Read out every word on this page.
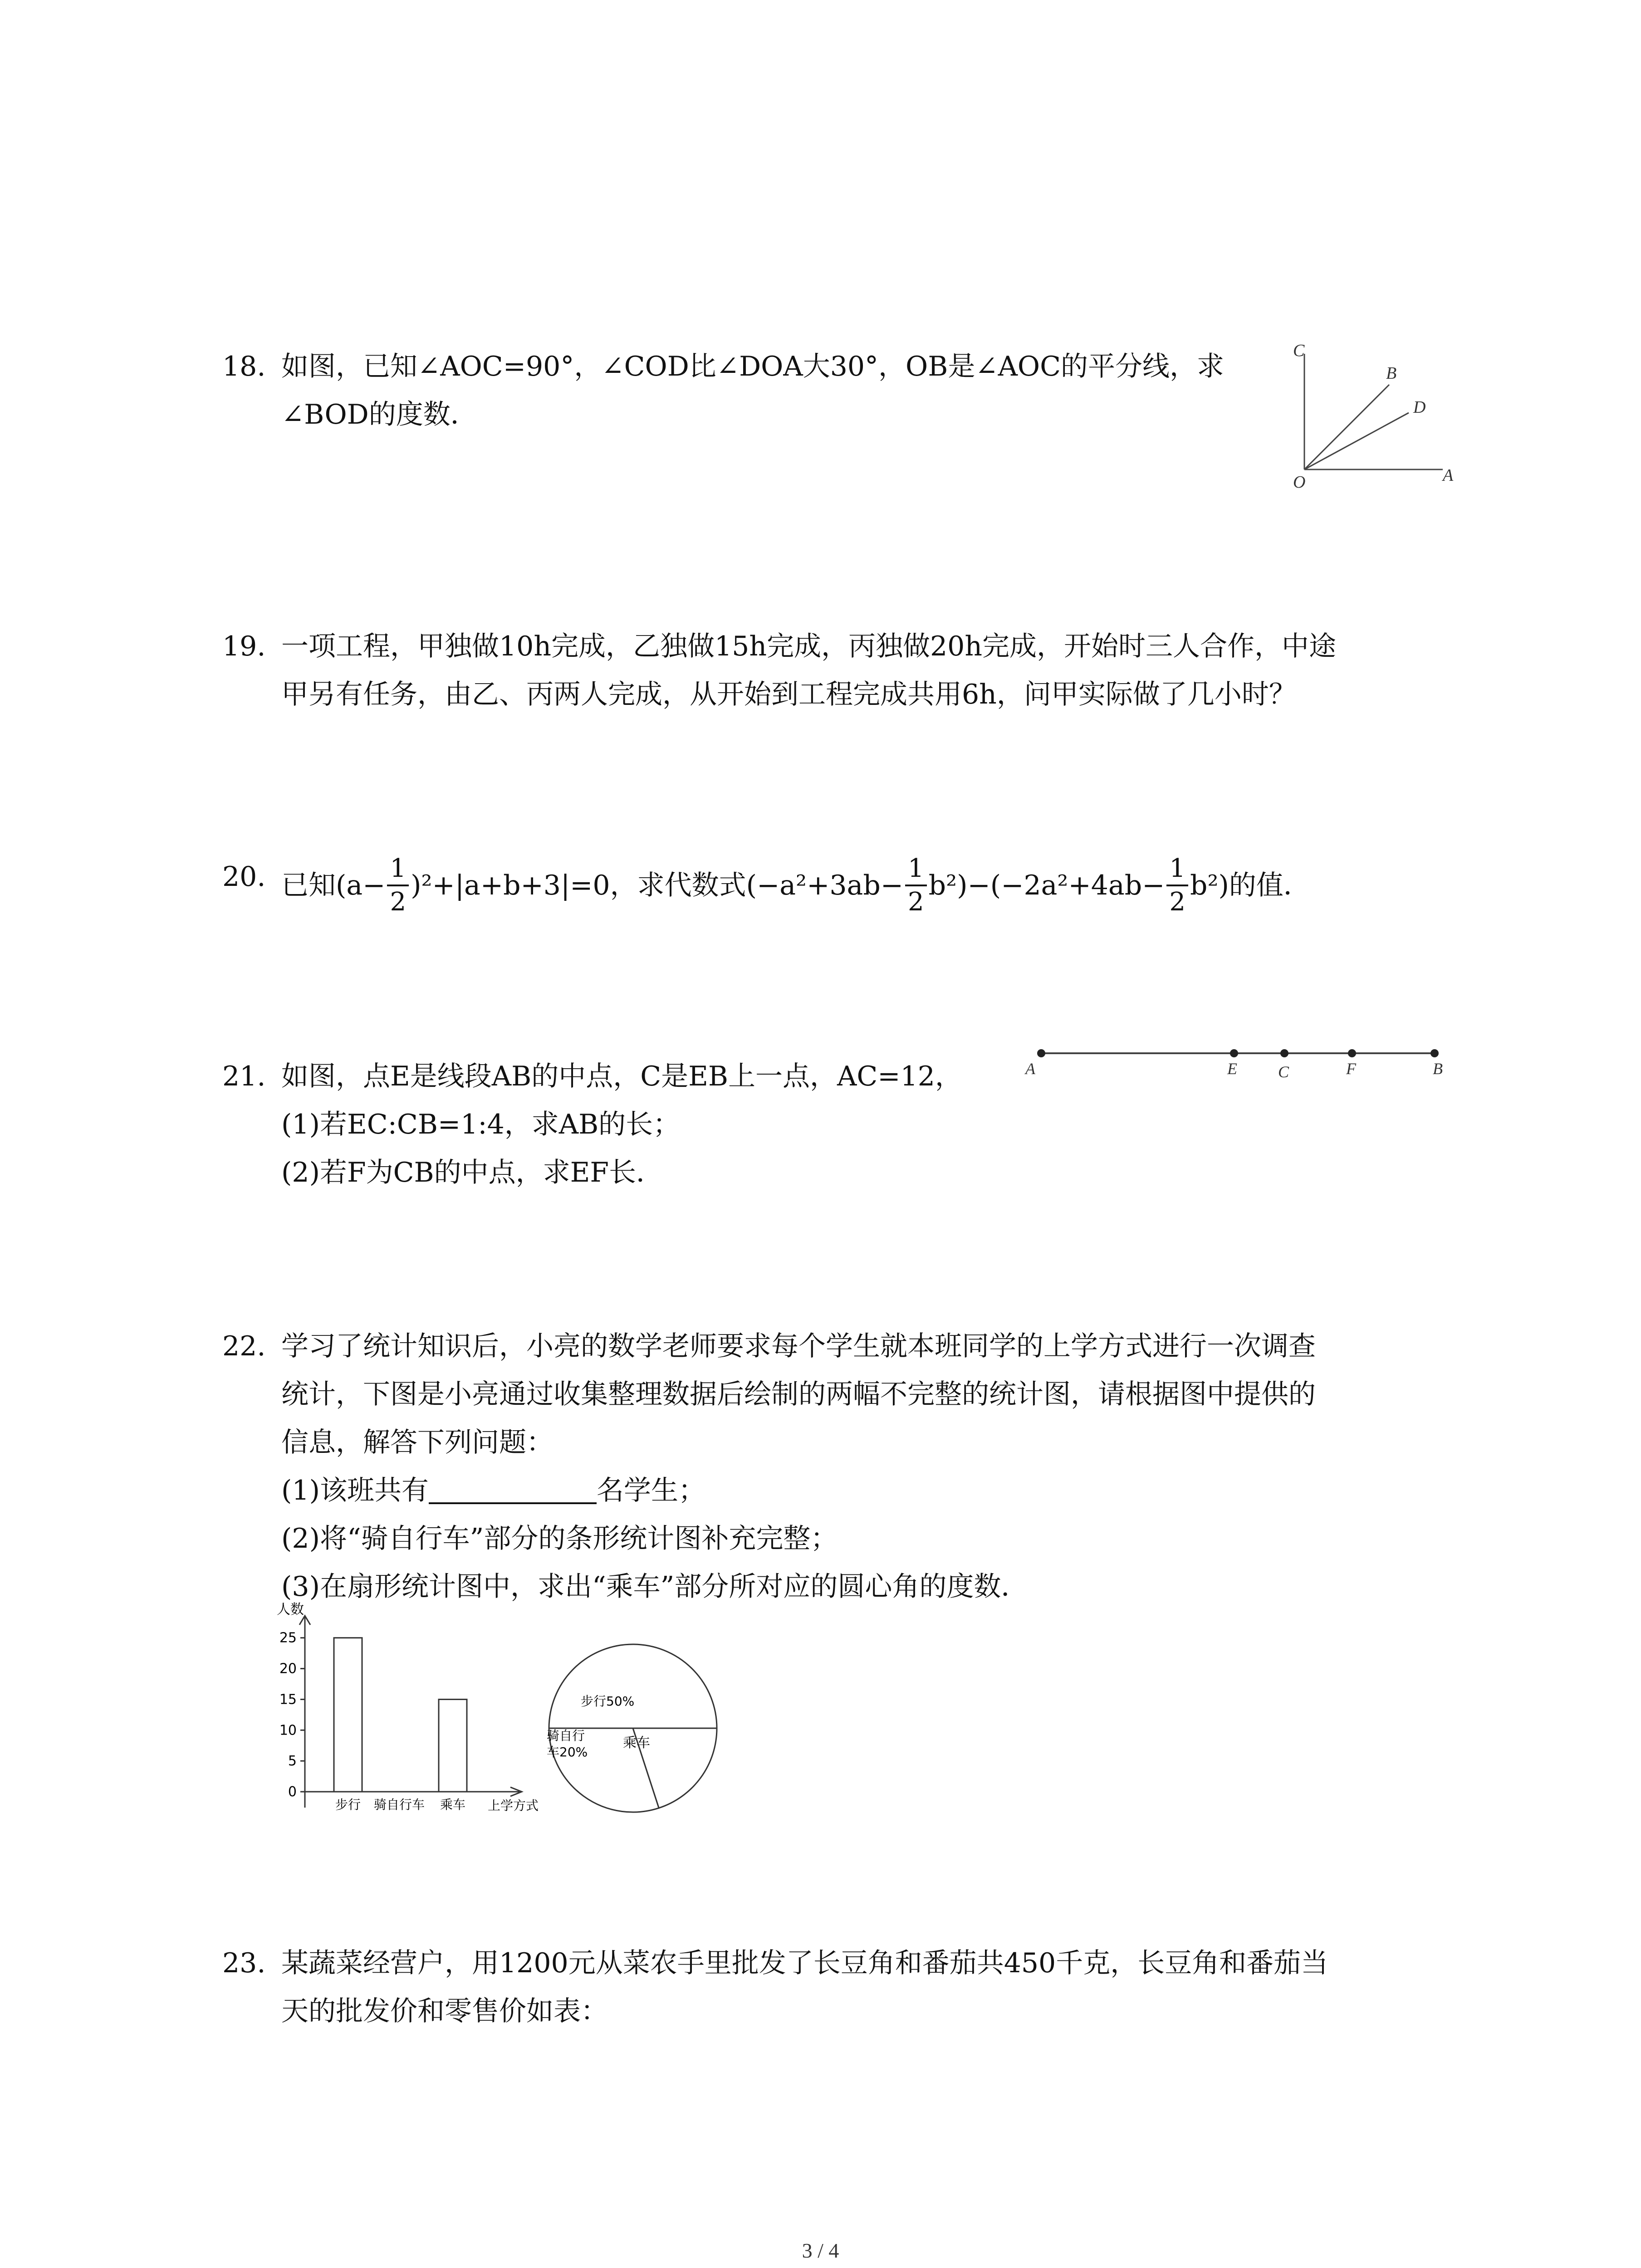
18. 如图，已知∠AOC=90°，∠COD比∠DOA大30°，OB是∠AOC的平分线，求
∠BOD的度数．
C
B
D
O	A
19. 一项工程，甲独做10h完成，乙独做15h完成，丙独做20h完成，开始时三人合作，中途
甲另有任务，由乙、丙两人完成，从开始到工程完成共用6h，问甲实际做了几小时？
20. 已知$(a- \frac{1}{2} )^2+|a+b+3|=0$，求代数式$(-a^2+3ab- \frac{1}{2} b^2)-(-2a^2+4ab- \frac{1}{2} b^2)$的值．
21. 如图，点E是线段AB的中点，C是EB上一点，AC=12，
(1)若EC:CB=1:4，求AB的长；
(2)若F为CB的中点，求EF长．
A	E	C	F	B
22. 学习了统计知识后，小亮的数学老师要求每个学生就本班同学的上学方式进行一次调查
统计，下图是小亮通过收集整理数据后绘制的两幅不完整的统计图，请根据图中提供的
信息，解答下列问题：
(1)该班共有	名学生；
(2)将“骑自行车”部分的条形统计图补充完整；
(3)在扇形统计图中，求出“乘车”部分所对应的圆心角的度数．
人数
上学方式
0
5
10
15
20
25
步行 骑自行车 乘车
步行50%
骑自行
车20%
乘车
23. 某蔬菜经营户，用1200元从菜农手里批发了长豆角和番茄共450千克，长豆角和番茄当
天的批发价和零售价如表：
3 / 4
